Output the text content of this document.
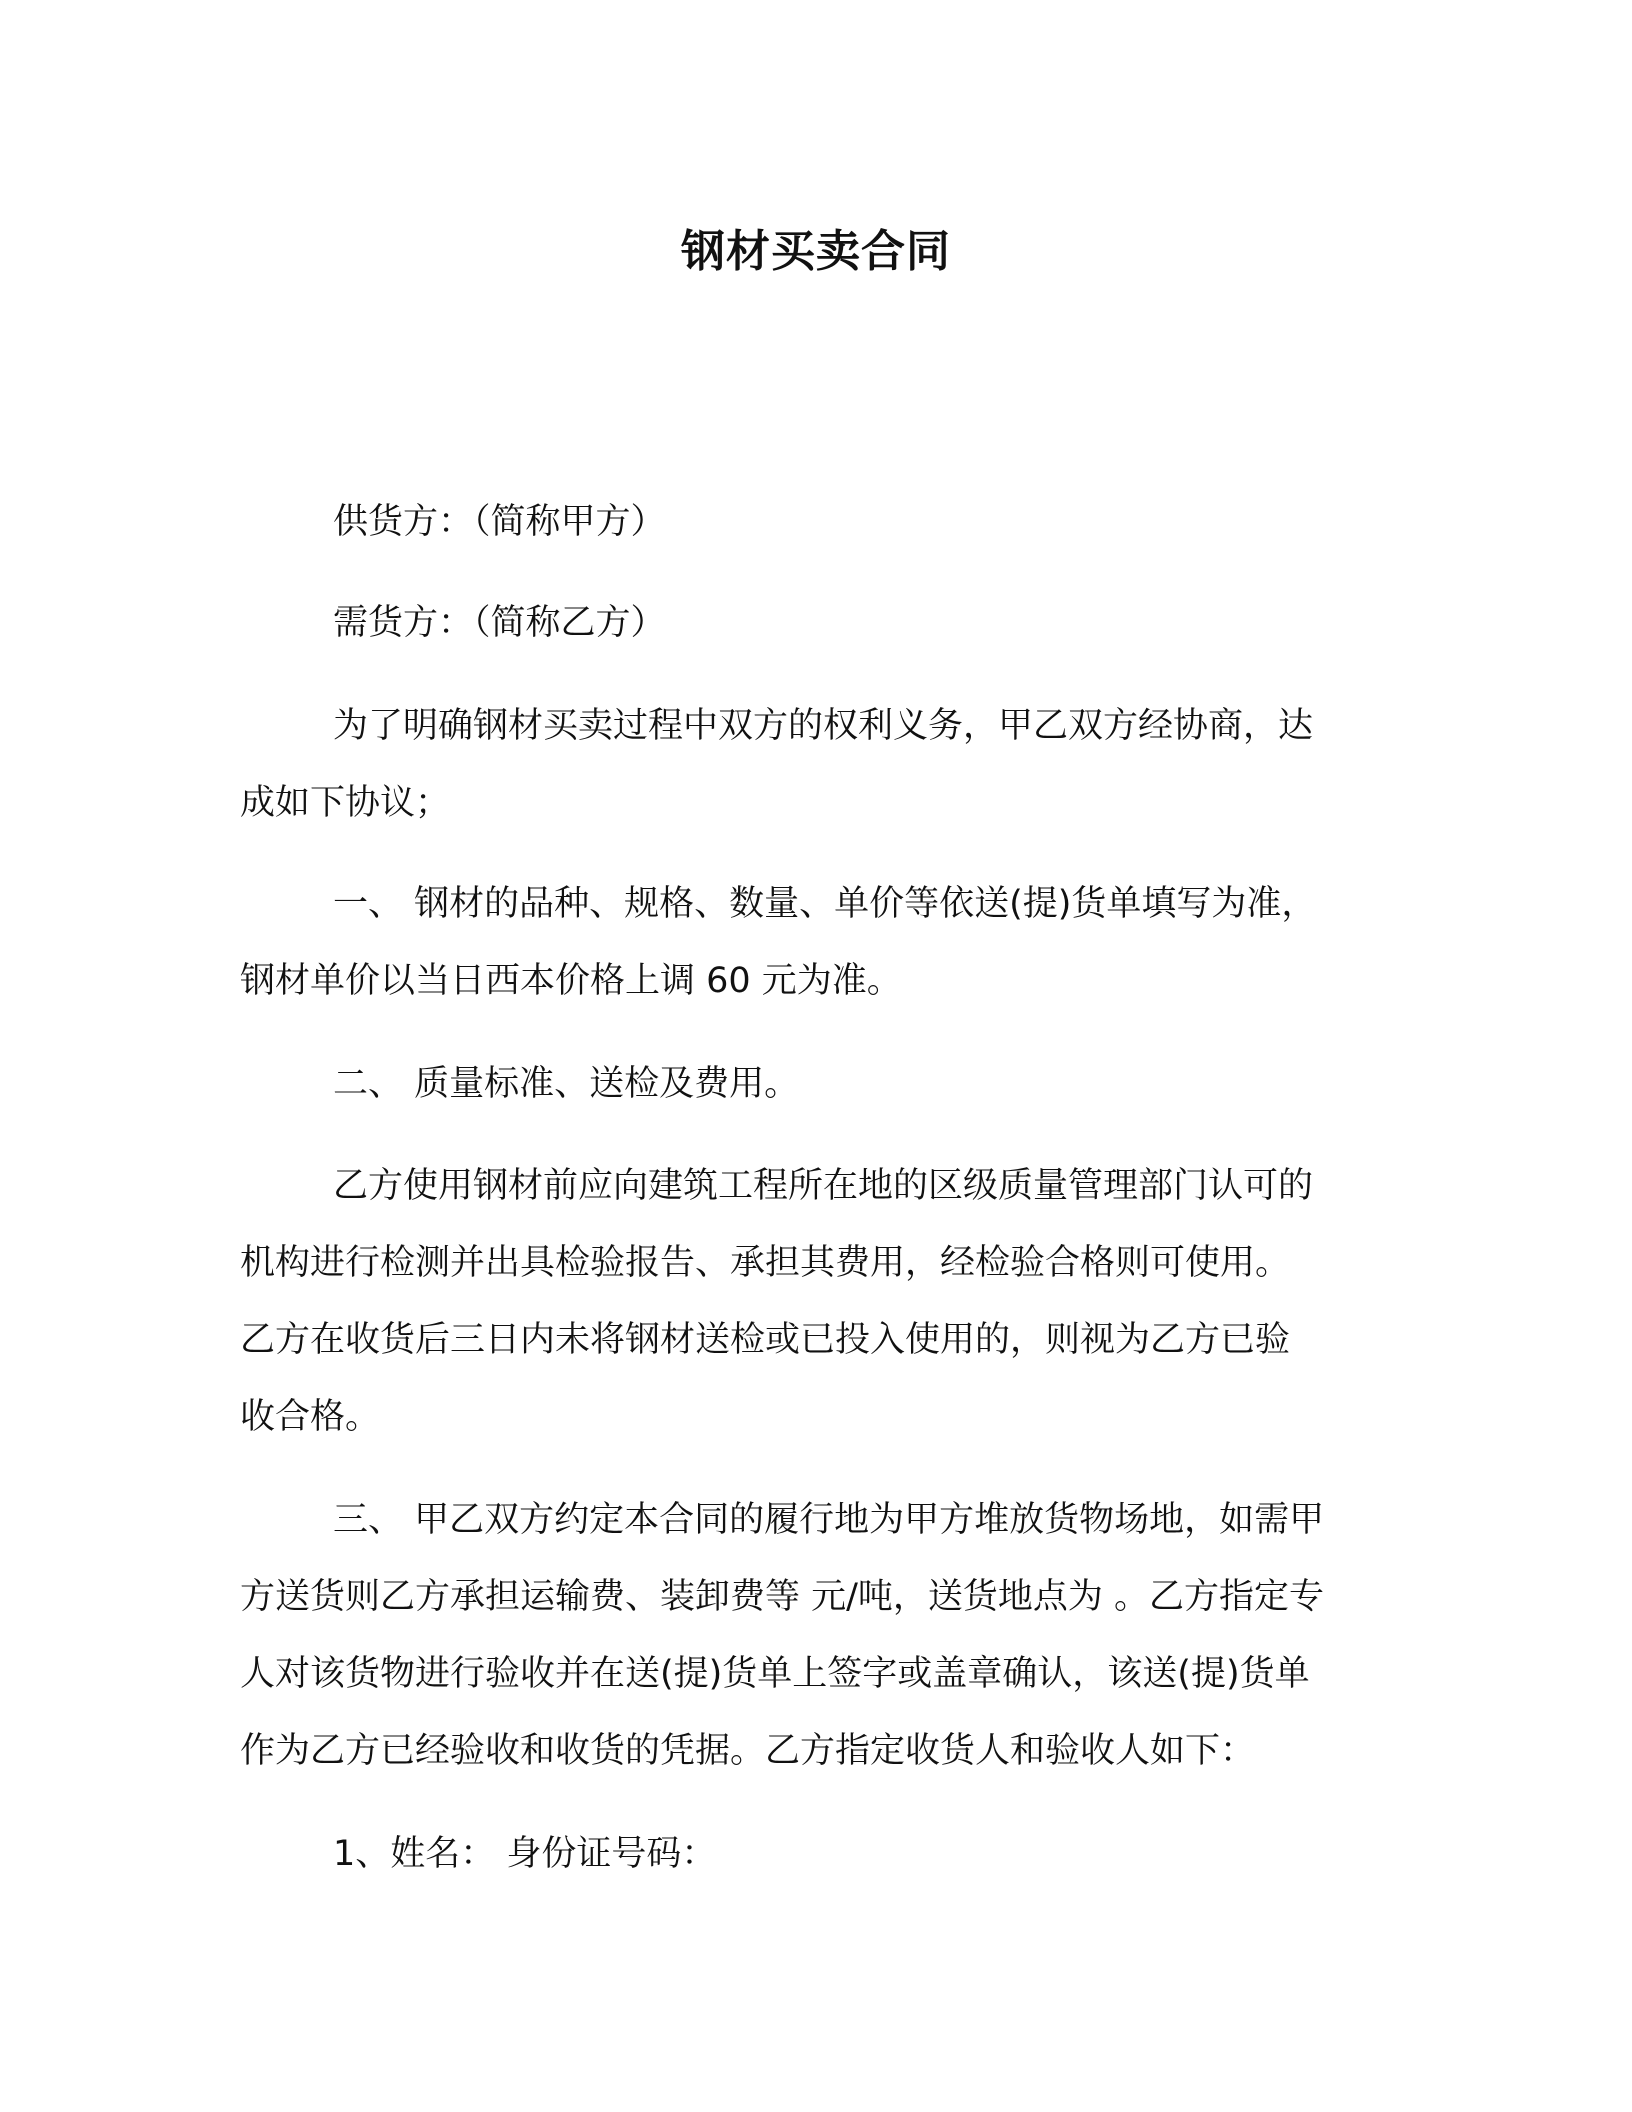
钢材买卖合同
供货方：（简称甲方）
需货方：（简称乙方）
为了明确钢材买卖过程中双方的权利义务，甲乙双方经协商，达
成如下协议；
一、 钢材的品种、规格、数量、单价等依送(提)货单填写为准，
钢材单价以当日西本价格上调 60 元为准。
二、 质量标准、送检及费用。
乙方使用钢材前应向建筑工程所在地的区级质量管理部门认可的
机构进行检测并出具检验报告、承担其费用，经检验合格则可使用。
乙方在收货后三日内未将钢材送检或已投入使用的，则视为乙方已验
收合格。
三、 甲乙双方约定本合同的履行地为甲方堆放货物场地，如需甲
方送货则乙方承担运输费、装卸费等 元/吨，送货地点为 。乙方指定专
人对该货物进行验收并在送(提)货单上签字或盖章确认，该送(提)货单
作为乙方已经验收和收货的凭据。乙方指定收货人和验收人如下：
1、姓名： 身份证号码：
